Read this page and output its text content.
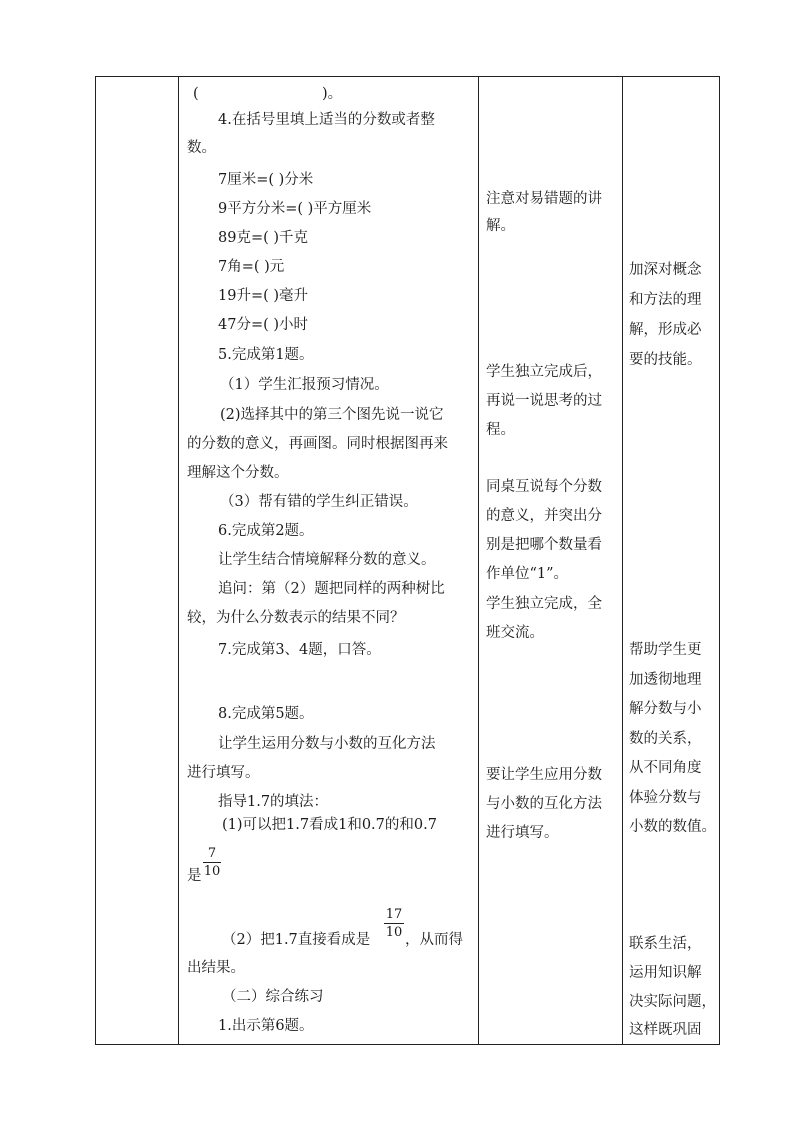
(	)。
4.在括号里填上适当的分数或者整
数。
7厘米=( )分米
9平方分米=( )平方厘米
89克=( )千克
7角=( )元
19升=( )毫升
47分=( )小时
5.完成第1题。
（1）学生汇报预习情况。
(2)选择其中的第三个图先说一说它
的分数的意义，再画图。同时根据图再来
理解这个分数。
（3）帮有错的学生纠正错误。
6.完成第2题。
让学生结合情境解释分数的意义。
追问：第（2）题把同样的两种树比
较，为什么分数表示的结果不同？
7.完成第3、4题，口答。
8.完成第5题。
让学生运用分数与小数的互化方法
进行填写。
指导1.7的填法：
(1)可以把1.7看成1和0.7的和0.7
是
7
10
（2）把1.7直接看成是
17
10 ，从而得
出结果。
（二）综合练习
1.出示第6题。
注意对易错题的讲
解。
学生独立完成后，
再说一说思考的过
程。
同桌互说每个分数
的意义，并突出分
别是把哪个数量看
作单位“1”。
学生独立完成，全
班交流。
要让学生应用分数
与小数的互化方法
进行填写。
加深对概念
和方法的理
解，形成必
要的技能。
帮助学生更
加透彻地理
解分数与小
数的关系，
从不同角度
体验分数与
小数的数值。
联系生活，
运用知识解
决实际问题，
这样既巩固
